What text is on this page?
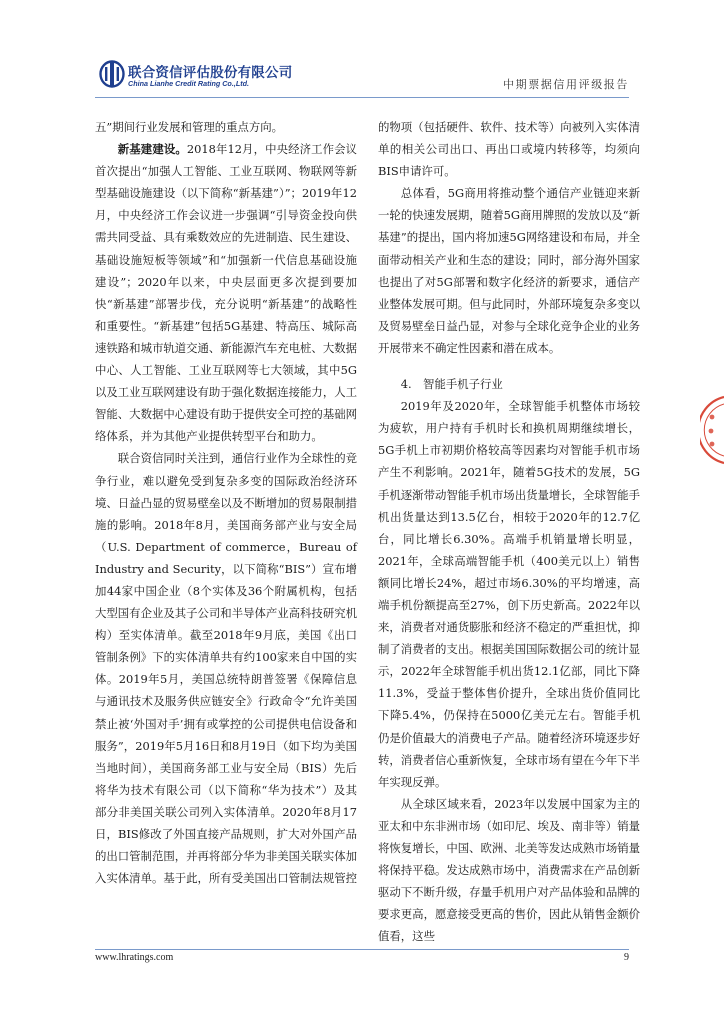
联合资信评估股份有限公司
China Lianhe Credit Rating Co.,Ltd.	中期票据信用评级报告

五”期间行业发展和管理的重点方向。

新基建建设。2018年12月，中央经济工作会议首次提出“加强人工智能、工业互联网、物联网等新型基础设施建设（以下简称“新基建”）”；2019年12月，中央经济工作会议进一步强调“引导资金投向供需共同受益、具有乘数效应的先进制造、民生建设、基础设施短板等领域”和“加强新一代信息基础设施建设”；2020年以来，中央层面更多次提到要加快“新基建”部署步伐，充分说明“新基建”的战略性和重要性。“新基建”包括5G基建、特高压、城际高速铁路和城市轨道交通、新能源汽车充电桩、大数据中心、人工智能、工业互联网等七大领域，其中5G以及工业互联网建设有助于强化数据连接能力，人工智能、大数据中心建设有助于提供安全可控的基础网络体系，并为其他产业提供转型平台和助力。

联合资信同时关注到，通信行业作为全球性的竞争行业，难以避免受到复杂多变的国际政治经济环境、日益凸显的贸易壁垒以及不断增加的贸易限制措施的影响。2018年8月，美国商务部产业与安全局（U.S. Department of commerce，Bureau of Industry and Security，以下简称“BIS”）宣布增加44家中国企业（8个实体及36个附属机构，包括大型国有企业及其子公司和半导体产业高科技研究机构）至实体清单。截至2018年9月底，美国《出口管制条例》下的实体清单共有约100家来自中国的实体。2019年5月，美国总统特朗普签署《保障信息与通讯技术及服务供应链安全》行政命令“允许美国禁止被‘外国对手’拥有或掌控的公司提供电信设备和服务”，2019年5月16日和8月19日（如下均为美国当地时间），美国商务部工业与安全局（BIS）先后将华为技术有限公司（以下简称“华为技术”）及其部分非美国关联公司列入实体清单。2020年8月17日，BIS修改了外国直接产品规则，扩大对外国产品的出口管制范围，并再将部分华为非美国关联实体加入实体清单。基于此，所有受美国出口管制法规管控

的物项（包括硬件、软件、技术等）向被列入实体清单的相关公司出口、再出口或境内转移等，均须向BIS申请许可。

总体看，5G商用将推动整个通信产业链迎来新一轮的快速发展期，随着5G商用牌照的发放以及“新基建”的提出，国内将加速5G网络建设和布局，并全面带动相关产业和生态的建设；同时，部分海外国家也提出了对5G部署和数字化经济的新要求，通信产业整体发展可期。但与此同时，外部环境复杂多变以及贸易壁垒日益凸显，对参与全球化竞争企业的业务开展带来不确定性因素和潜在成本。

4.　智能手机子行业

2019年及2020年，全球智能手机整体市场较为疲软，用户持有手机时长和换机周期继续增长，5G手机上市初期价格较高等因素均对智能手机市场产生不利影响。2021年，随着5G技术的发展，5G手机逐渐带动智能手机市场出货量增长，全球智能手机出货量达到13.5亿台，相较于2020年的12.7亿台，同比增长6.30%。高端手机销量增长明显，2021年，全球高端智能手机（400美元以上）销售额同比增长24%，超过市场6.30%的平均增速，高端手机份额提高至27%，创下历史新高。2022年以来，消费者对通货膨胀和经济不稳定的严重担忧，抑制了消费者的支出。根据美国国际数据公司的统计显示，2022年全球智能手机出货12.1亿部，同比下降11.3%，受益于整体售价提升，全球出货价值同比下降5.4%，仍保持在5000亿美元左右。智能手机仍是价值最大的消费电子产品。随着经济环境逐步好转，消费者信心重新恢复，全球市场有望在今年下半年实现反弹。

从全球区域来看，2023年以发展中国家为主的亚太和中东非洲市场（如印尼、埃及、南非等）销量将恢复增长，中国、欧洲、北美等发达成熟市场销量将保持平稳。发达成熟市场中，消费需求在产品创新驱动下不断升级，存量手机用户对产品体验和品牌的要求更高，愿意接受更高的售价，因此从销售金额价值看，这些

www.lhratings.com	9
